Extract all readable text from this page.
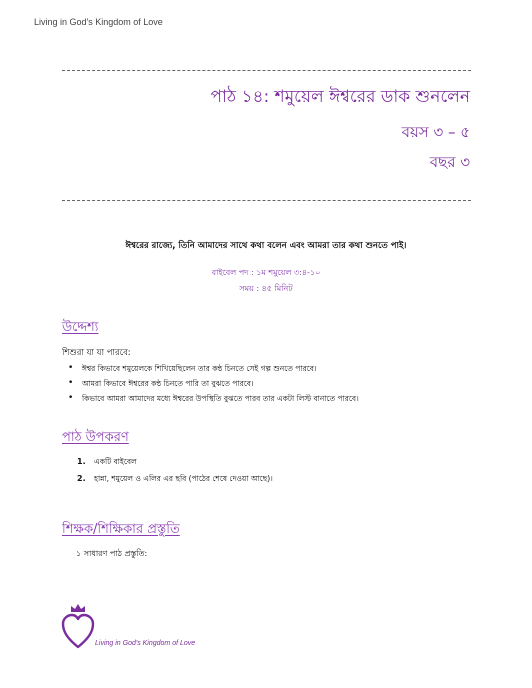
Living in God's Kingdom of Love
পাঠ ১৪: শমুয়েল ঈশ্বরের ডাক শুনলেন
বয়স ৩ – ৫
বছর ৩
ঈশ্বরের রাজ্যে, তিনি আমাদের সাথে কথা বলেন এবং আমরা তার কথা শুনতে পাই।
বাইবেল পদ : ১ম শমুয়েল ৩:৪-১০
সময় : ৪৫ মিনিট
উদ্দেশ্য
শিশুরা যা যা পারবে:
• ঈশ্বর কিভাবে শমুয়েলকে শিখিয়েছিলেন তার কন্ঠ চিনতে সেই গল্প শুনতে পারবে।
• আমরা কিভাবে ঈশ্বরের কন্ঠ চিনতে পারি তা বুঝতে পারবে।
• কিভাবে আমরা আমাদের মধ্যে ঈশ্বরের উপস্থিতি বুঝতে পারব তার একটা লিস্ট বানাতে পারবে।
পাঠ উপকরণ
1. একটি বাইবেল
2. হান্না, শমুয়েল ও এলির এর ছবি (পাঠের শেষে দেওয়া আছে)।
শিক্ষক/শিক্ষিকার প্রস্তুতি
১ সাধারণ পাঠ প্রস্তুতি:
Living in God's Kingdom of Love
